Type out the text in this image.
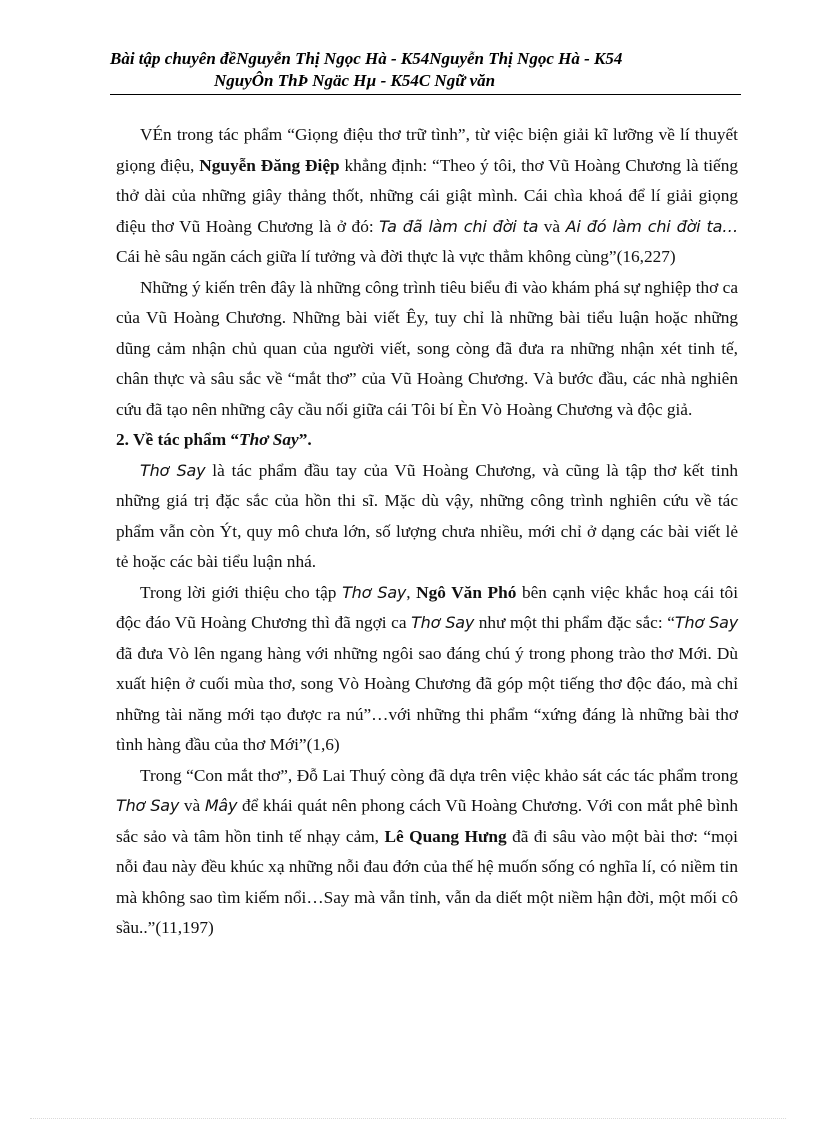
Bài tập chuyên đềNguyễn Thị Ngọc Hà - K54Nguyễn Thị Ngọc Hà - K54
NguyÔn ThÞ Ngäc Hµ - K54C Ngữ văn

VÉn trong tác phẩm “Giọng điệu thơ trữ tình”, từ việc biện giải kĩ lưỡng về lí thuyết giọng điệu, Nguyễn Đăng Điệp khẳng định: “Theo ý tôi, thơ Vũ Hoàng Chương là tiếng thở dài của những giây thảng thốt, những cái giật mình. Cái chìa khoá để lí giải giọng điệu thơ Vũ Hoàng Chương là ở đó: Ta đã làm chi đời ta và Ai đó làm chi đời ta… Cái hè sâu ngăn cách giữa lí tưởng và đời thực là vực thẳm không cùng”(16,227)

Những ý kiến trên đây là những công trình tiêu biểu đi vào khám phá sự nghiệp thơ ca của Vũ Hoàng Chương. Những bài viết Êy, tuy chỉ là những bài tiểu luận hoặc những dũng cảm nhận chủ quan của người viết, song còng đã đưa ra những nhận xét tinh tế, chân thực và sâu sắc về “mắt thơ” của Vũ Hoàng Chương. Và bước đầu, các nhà nghiên cứu đã tạo nên những cây cầu nối giữa cái Tôi bí Èn Vò Hoàng Chương và độc giả.

2. Về tác phẩm “Thơ Say”.

Thơ Say là tác phẩm đầu tay của Vũ Hoàng Chương, và cũng là tập thơ kết tinh những giá trị đặc sắc của hồn thi sĩ. Mặc dù vậy, những công trình nghiên cứu về tác phẩm vẫn còn Ýt, quy mô chưa lớn, số lượng chưa nhiều, mới chỉ ở dạng các bài viết lẻ tẻ hoặc các bài tiểu luận nhá.

Trong lời giới thiệu cho tập Thơ Say, Ngô Văn Phó bên cạnh việc khắc hoạ cái tôi độc đáo Vũ Hoàng Chương thì đã ngợi ca Thơ Say như một thi phẩm đặc sắc: “Thơ Say đã đưa Vò lên ngang hàng với những ngôi sao đáng chú ý trong phong trào thơ Mới. Dù xuất hiện ở cuối mùa thơ, song Vò Hoàng Chương đã góp một tiếng thơ độc đáo, mà chỉ những tài năng mới tạo được ra nú”…với những thi phẩm “xứng đáng là những bài thơ tình hàng đầu của thơ Mới”(1,6)

Trong “Con mắt thơ”, Đỗ Lai Thuý còng đã dựa trên việc khảo sát các tác phẩm trong Thơ Say và Mây để khái quát nên phong cách Vũ Hoàng Chương. Với con mắt phê bình sắc sảo và tâm hồn tinh tế nhạy cảm, Lê Quang Hưng đã đi sâu vào một bài thơ: “mọi nỗi đau này đều khúc xạ những nỗi đau đớn của thế hệ muốn sống có nghĩa lí, có niềm tin mà không sao tìm kiếm nổi…Say mà vẫn tỉnh, vẫn da diết một niềm hận đời, một mối cô sầu..”(11,197)
